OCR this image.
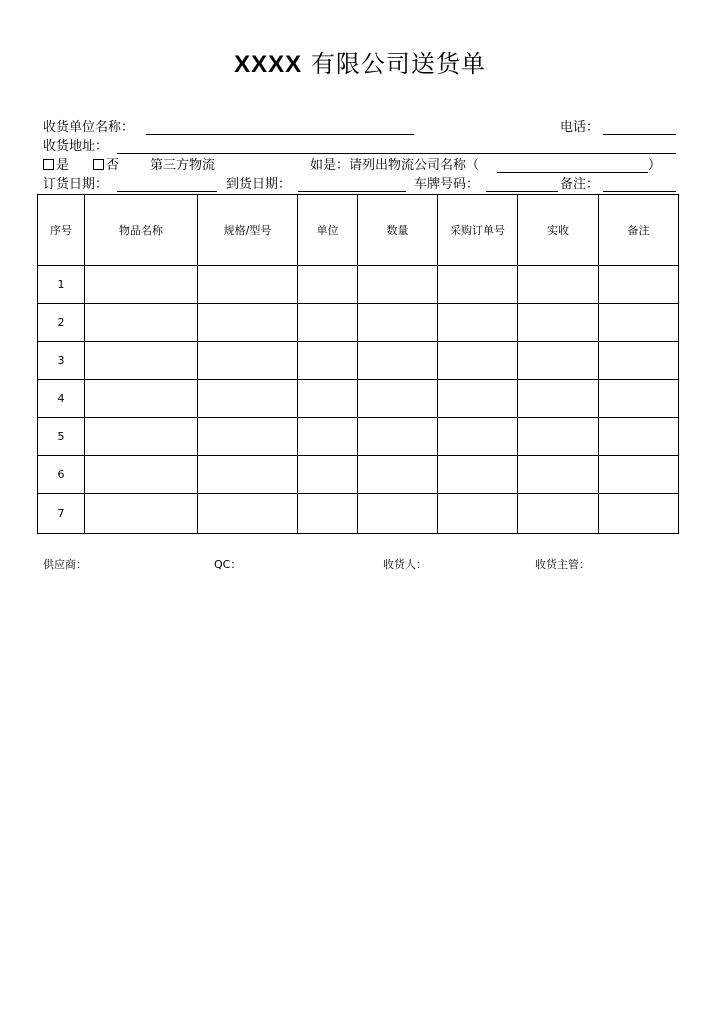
XXXX 有限公司送货单
收货单位名称：	电话：
收货地址：
是	否 第三方物流	如是：请列出物流公司名称（	）
订货日期：	到货日期：	车牌号码：	备注：
序号	物品名称	规格/型号	单位	数量	采购订单号	实收	备注
1							
2							
3							
4							
5							
6							
7							
供应商：	QC：	收货人：	收货主管：
